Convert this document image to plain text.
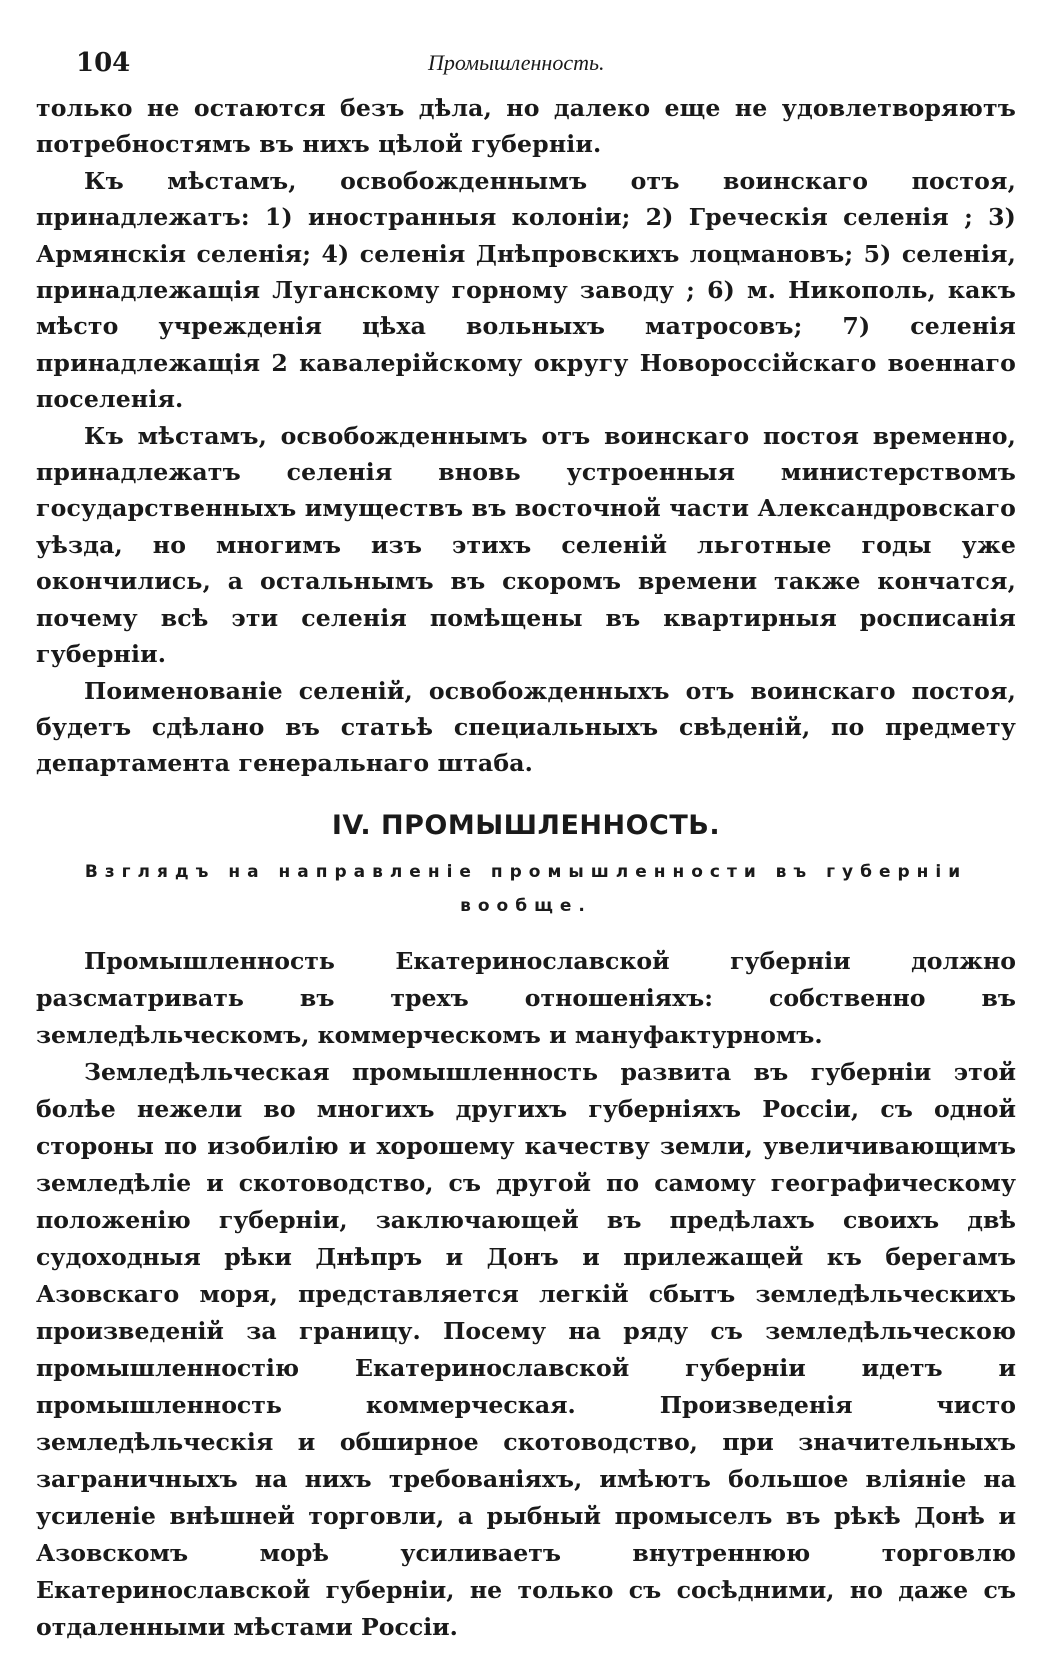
104	Промышленность.

только не остаются безъ дѣла, но далеко еще не удовлетворяютъ потребностямъ въ нихъ цѣлой губерніи.

Къ мѣстамъ, освобожденнымъ отъ воинскаго постоя, принадлежатъ: 1) иностранныя колоніи; 2) Греческія селенія ; 3) Армянскія селенія; 4) селенія Днѣпровскихъ лоцмановъ; 5) селенія, принадлежащія Луганскому горному заводу ; 6) м. Никополь, какъ мѣсто учрежденія цѣха вольныхъ матросовъ; 7) селенія принадлежащія 2 кавалерійскому округу Новороссійскаго военнаго поселенія.

Къ мѣстамъ, освобожденнымъ отъ воинскаго постоя временно, принадлежатъ селенія вновь устроенныя министерствомъ государственныхъ имуществъ въ восточной части Александровскаго уѣзда, но многимъ изъ этихъ селеній льготные годы уже окончились, а остальнымъ въ скоромъ времени также кончатся, почему всѣ эти селенія помѣщены въ квартирныя росписанія губерніи.

Поименованіе селеній, освобожденныхъ отъ воинскаго постоя, будетъ сдѣлано въ статьѣ специальныхъ свѣденій, по предмету департамента генеральнаго штаба.

IV. ПРОМЫШЛЕННОСТЬ.
Взглядъ на направленіе промышленности въ губерніи вообще.

Промышленность Екатеринославской губерніи должно разсматривать въ трехъ отношеніяхъ: собственно въ земледѣльческомъ, коммерческомъ и мануфактурномъ.

Земледѣльческая промышленность развита въ губерніи этой болѣе нежели во многихъ другихъ губерніяхъ Россіи, съ одной стороны по изобилію и хорошему качеству земли, увеличивающимъ земледѣліе и скотоводство, съ другой по самому географическому положенію губерніи, заключающей въ предѣлахъ своихъ двѣ судоходныя рѣки Днѣпръ и Донъ и прилежащей къ берегамъ Азовскаго моря, представляется легкій сбытъ земледѣльческихъ произведеній за границу. Посему на ряду съ земледѣльческою промышленностію Екатеринославской губерніи идетъ и промышленность коммерческая. Произведенія чисто земледѣльческія и обширное скотоводство, при значительныхъ заграничныхъ на нихъ требованіяхъ, имѣютъ большое вліяніе на усиленіе внѣшней торговли, а рыбный промыселъ въ рѣкѣ Донѣ и Азовскомъ морѣ усиливаетъ внутреннюю торговлю Екатеринославской губерніи, не только съ сосѣдними, но даже съ отдаленными мѣстами Россіи.
